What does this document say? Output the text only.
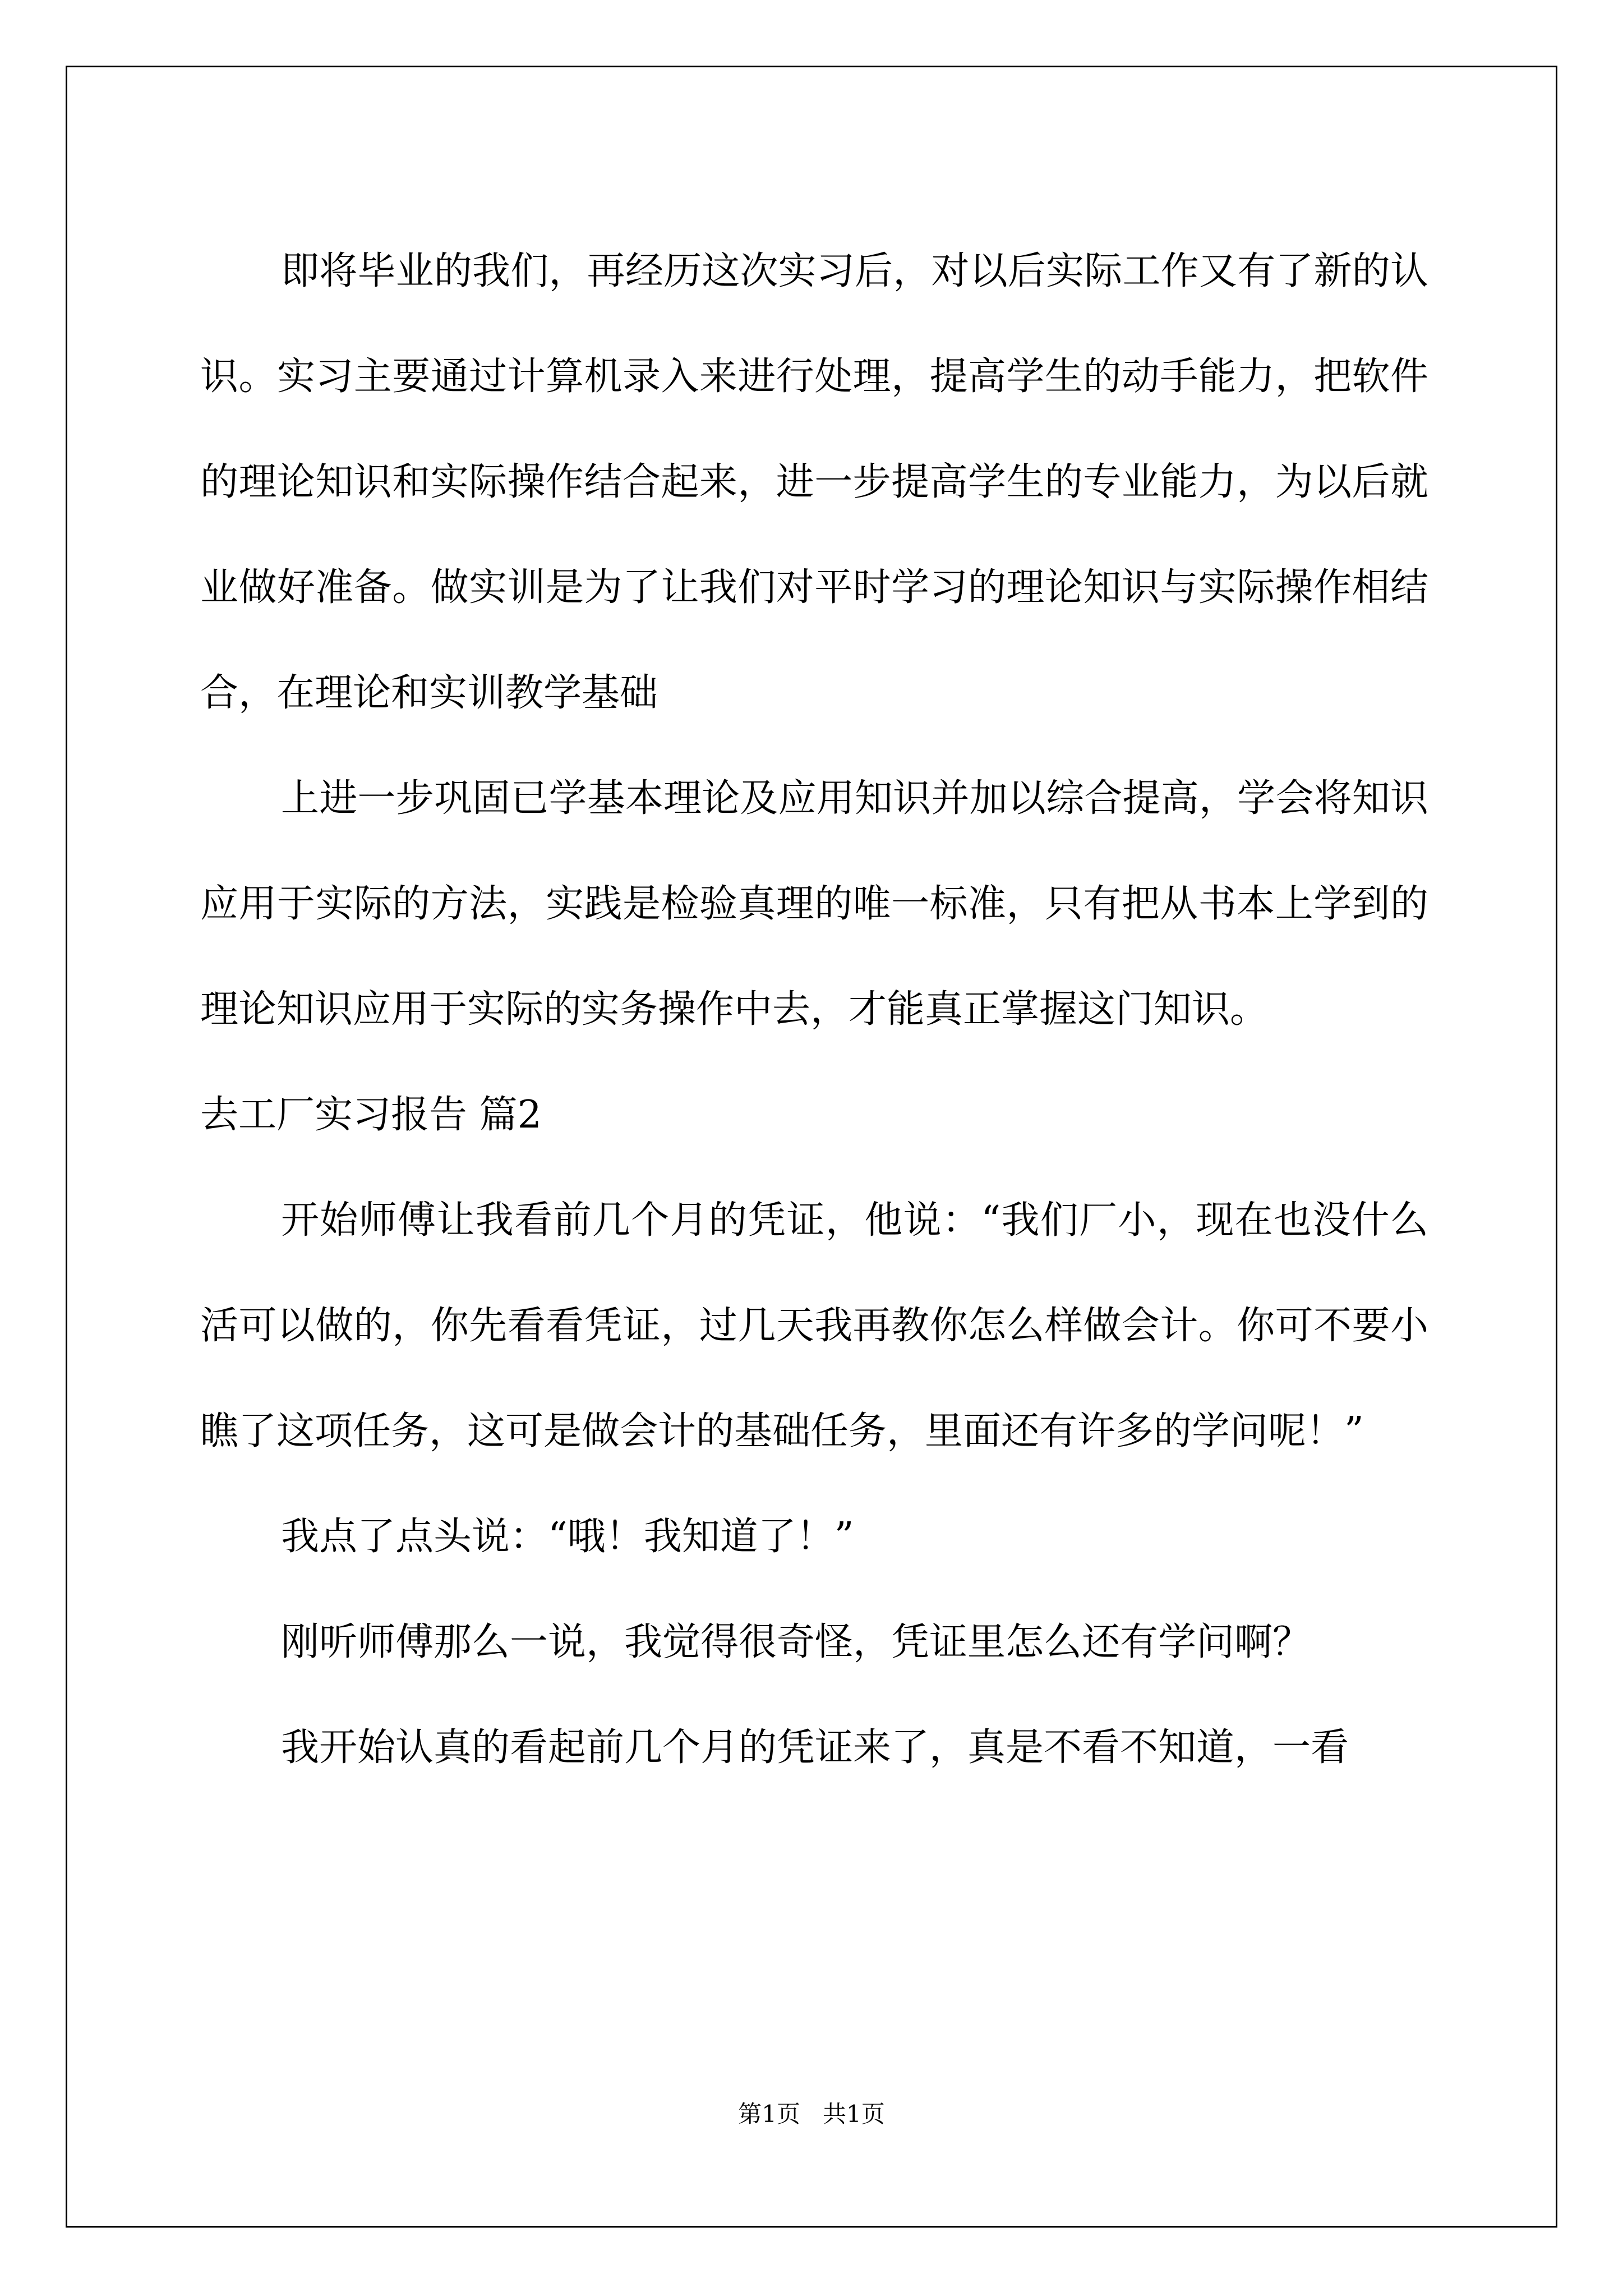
即将毕业的我们，再经历这次实习后，对以后实际工作又有了新的认识。实习主要通过计算机录入来进行处理，提高学生的动手能力，把软件的理论知识和实际操作结合起来，进一步提高学生的专业能力，为以后就业做好准备。做实训是为了让我们对平时学习的理论知识与实际操作相结合，在理论和实训教学基础

上进一步巩固已学基本理论及应用知识并加以综合提高，学会将知识应用于实际的方法，实践是检验真理的唯一标准，只有把从书本上学到的理论知识应用于实际的实务操作中去，才能真正掌握这门知识。

去工厂实习报告 篇2

开始师傅让我看前几个月的凭证，他说：“我们厂小，现在也没什么活可以做的，你先看看凭证，过几天我再教你怎么样做会计。你可不要小瞧了这项任务，这可是做会计的基础任务，里面还有许多的学问呢！”

我点了点头说：“哦！我知道了！”

刚听师傅那么一说，我觉得很奇怪，凭证里怎么还有学问啊？

我开始认真的看起前几个月的凭证来了，真是不看不知道，一看

第1页 共1页
